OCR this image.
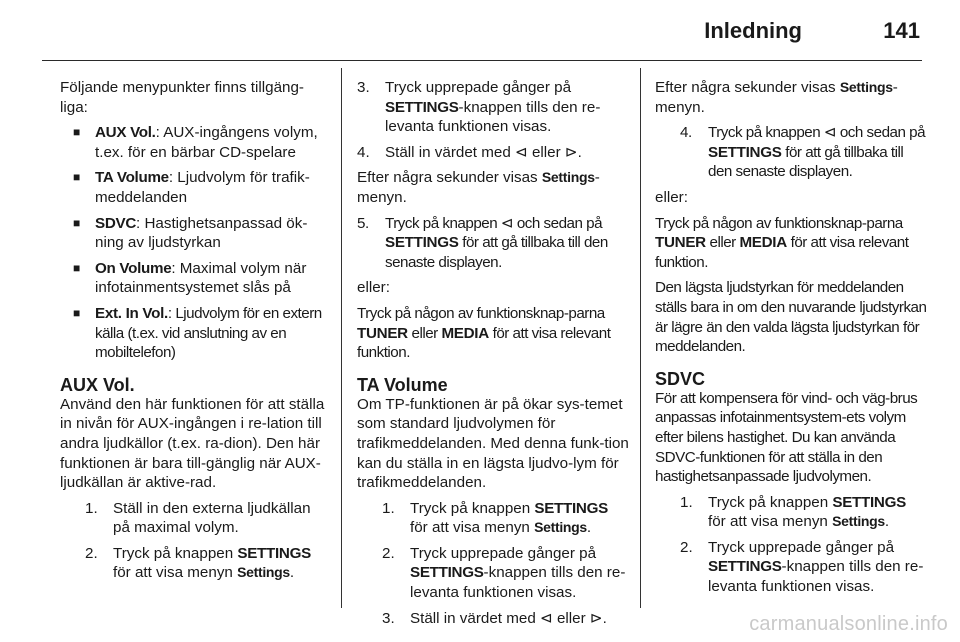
Inledning	141

Följande menypunkter finns tillgäng-liga:

■ AUX Vol.: AUX-ingångens volym, t.ex. för en bärbar CD-spelare
■ TA Volume: Ljudvolym för trafik-meddelanden
■ SDVC: Hastighetsanpassad ök-ning av ljudstyrkan
■ On Volume: Maximal volym när infotainmentsystemet slås på
■ Ext. In Vol.: Ljudvolym för en extern källa (t.ex. vid anslutning av en mobiltelefon)
AUX Vol.

Använd den här funktionen för att ställa in nivån för AUX-ingången i re-lation till andra ljudkällor (t.ex. ra-dion). Den här funktionen är bara till-gänglig när AUX-ljudkällan är aktive-rad.

1. Ställ in den externa ljudkällan på maximal volym.
2. Tryck på knappen SETTINGS för att visa menyn Settings.
3. Tryck upprepade gånger på SETTINGS-knappen tills den re-levanta funktionen visas.
4. Ställ in värdet med ⊲ eller ⊳.

Efter några sekunder visas Settings-menyn.

5. Tryck på knappen ⊲ och sedan på SETTINGS för att gå tillbaka till den senaste displayen.

eller:

Tryck på någon av funktionsknap-parna TUNER eller MEDIA för att visa relevant funktion.

TA Volume

Om TP-funktionen är på ökar sys-temet som standard ljudvolymen för trafikmeddelanden. Med denna funk-tion kan du ställa in en lägsta ljudvo-lym för trafikmeddelanden.

1. Tryck på knappen SETTINGS för att visa menyn Settings.
2. Tryck upprepade gånger på SETTINGS-knappen tills den re-levanta funktionen visas.
3. Ställ in värdet med ⊲ eller ⊳.

Efter några sekunder visas Settings-menyn.

4. Tryck på knappen ⊲ och sedan på SETTINGS för att gå tillbaka till den senaste displayen.

eller:

Tryck på någon av funktionsknap-parna TUNER eller MEDIA för att visa relevant funktion.

Den lägsta ljudstyrkan för meddelanden ställs bara in om den nuvarande ljudstyrkan är lägre än den valda lägsta ljudstyrkan för meddelanden.

SDVC

För att kompensera för vind- och väg-brus anpassas infotainmentsystem-ets volym efter bilens hastighet. Du kan använda SDVC-funktionen för att ställa in den hastighetsanpassade ljudvolymen.

1. Tryck på knappen SETTINGS för att visa menyn Settings.
2. Tryck upprepade gånger på SETTINGS-knappen tills den re-levanta funktionen visas.
carmanualsonline.info
